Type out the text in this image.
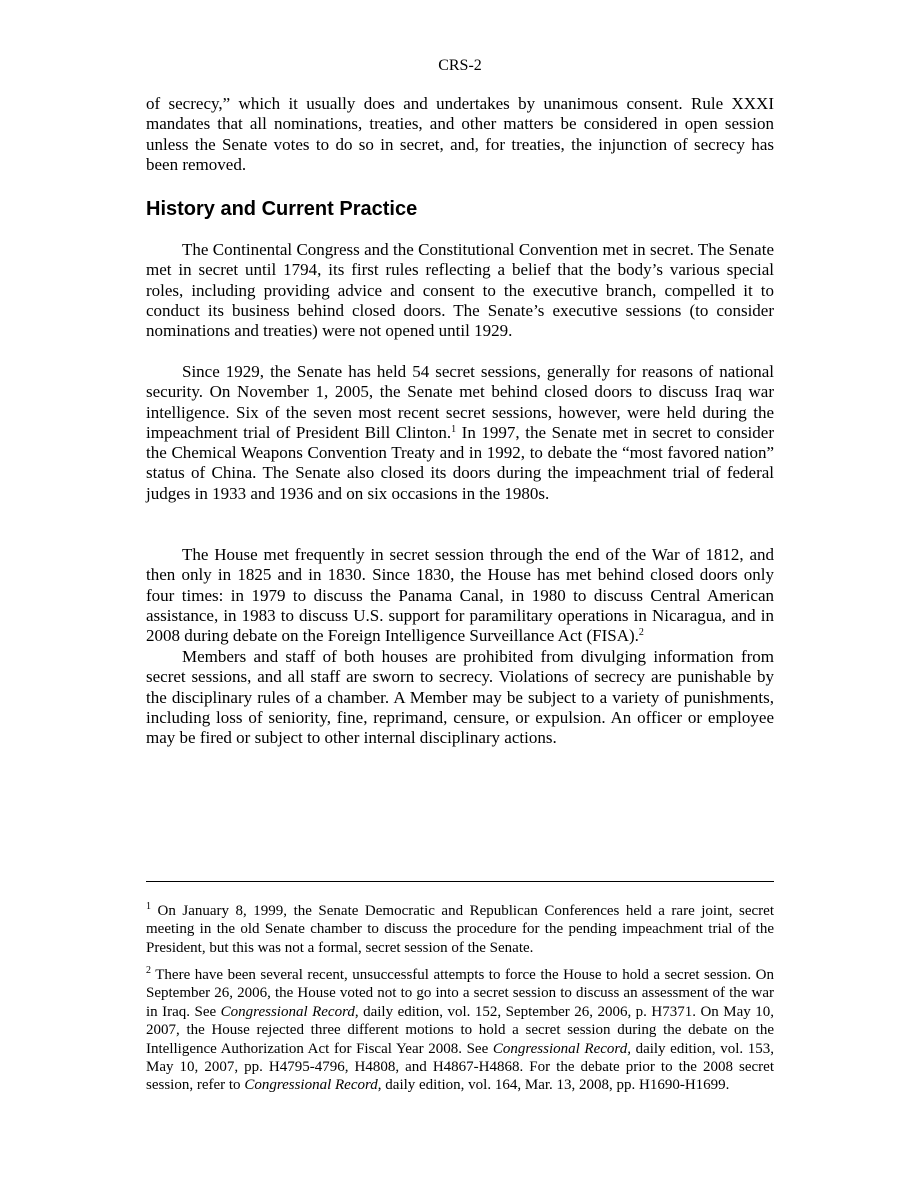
CRS-2

of secrecy,” which it usually does and undertakes by unanimous consent. Rule XXXI mandates that all nominations, treaties, and other matters be considered in open session unless the Senate votes to do so in secret, and, for treaties, the injunction of secrecy has been removed.

History and Current Practice

The Continental Congress and the Constitutional Convention met in secret. The Senate met in secret until 1794, its first rules reflecting a belief that the body’s various special roles, including providing advice and consent to the executive branch, compelled it to conduct its business behind closed doors. The Senate’s executive sessions (to consider nominations and treaties) were not opened until 1929.

Since 1929, the Senate has held 54 secret sessions, generally for reasons of national security. On November 1, 2005, the Senate met behind closed doors to discuss Iraq war intelligence. Six of the seven most recent secret sessions, however, were held during the impeachment trial of President Bill Clinton.$^1$ In 1997, the Senate met in secret to consider the Chemical Weapons Convention Treaty and in 1992, to debate the “most favored nation” status of China. The Senate also closed its doors during the impeachment trial of federal judges in 1933 and 1936 and on six occasions in the 1980s.

The House met frequently in secret session through the end of the War of 1812, and then only in 1825 and in 1830. Since 1830, the House has met behind closed doors only four times: in 1979 to discuss the Panama Canal, in 1980 to discuss Central American assistance, in 1983 to discuss U.S. support for paramilitary operations in Nicaragua, and in 2008 during debate on the Foreign Intelligence Surveillance Act (FISA).$^2$

Members and staff of both houses are prohibited from divulging information from secret sessions, and all staff are sworn to secrecy. Violations of secrecy are punishable by the disciplinary rules of a chamber. A Member may be subject to a variety of punishments, including loss of seniority, fine, reprimand, censure, or expulsion. An officer or employee may be fired or subject to other internal disciplinary actions.

$^1$ On January 8, 1999, the Senate Democratic and Republican Conferences held a rare joint, secret meeting in the old Senate chamber to discuss the procedure for the pending impeachment trial of the President, but this was not a formal, secret session of the Senate.

$^2$ There have been several recent, unsuccessful attempts to force the House to hold a secret session. On September 26, 2006, the House voted not to go into a secret session to discuss an assessment of the war in Iraq. See Congressional Record, daily edition, vol. 152, September 26, 2006, p. H7371. On May 10, 2007, the House rejected three different motions to hold a secret session during the debate on the Intelligence Authorization Act for Fiscal Year 2008. See Congressional Record, daily edition, vol. 153, May 10, 2007, pp. H4795-4796, H4808, and H4867-H4868. For the debate prior to the 2008 secret session, refer to Congressional Record, daily edition, vol. 164, Mar. 13, 2008, pp. H1690-H1699.
